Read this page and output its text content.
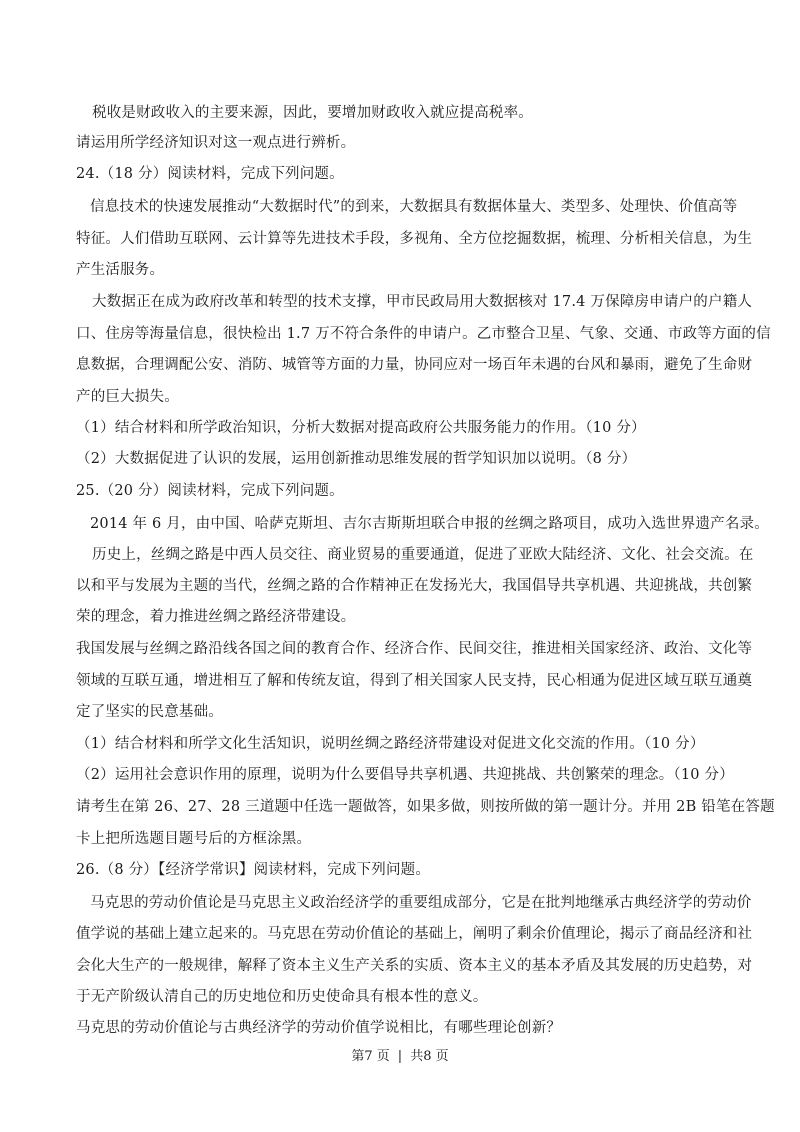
税收是财政收入的主要来源，因此，要增加财政收入就应提高税率。
请运用所学经济知识对这一观点进行辨析。
24.（18 分）阅读材料，完成下列问题。
信息技术的快速发展推动“大数据时代”的到来，大数据具有数据体量大、类型多、处理快、价值高等
特征。人们借助互联网、云计算等先进技术手段，多视角、全方位挖掘数据，梳理、分析相关信息，为生
产生活服务。
大数据正在成为政府改革和转型的技术支撑，甲市民政局用大数据核对 17.4 万保障房申请户的户籍人
口、住房等海量信息，很快检出 1.7 万不符合条件的申请户。乙市整合卫星、气象、交通、市政等方面的信
息数据，合理调配公安、消防、城管等方面的力量，协同应对一场百年未遇的台风和暴雨，避免了生命财
产的巨大损失。
（1）结合材料和所学政治知识，分析大数据对提高政府公共服务能力的作用。（10 分）
（2）大数据促进了认识的发展，运用创新推动思维发展的哲学知识加以说明。（8 分）
25.（20 分）阅读材料，完成下列问题。
2014 年 6 月，由中国、哈萨克斯坦、吉尔吉斯斯坦联合申报的丝绸之路项目，成功入选世界遗产名录。
历史上，丝绸之路是中西人员交往、商业贸易的重要通道，促进了亚欧大陆经济、文化、社会交流。在
以和平与发展为主题的当代，丝绸之路的合作精神正在发扬光大，我国倡导共享机遇、共迎挑战，共创繁
荣的理念，着力推进丝绸之路经济带建设。
我国发展与丝绸之路沿线各国之间的教育合作、经济合作、民间交往，推进相关国家经济、政治、文化等
领域的互联互通，增进相互了解和传统友谊，得到了相关国家人民支持，民心相通为促进区域互联互通奠
定了坚实的民意基础。
（1）结合材料和所学文化生活知识，说明丝绸之路经济带建设对促进文化交流的作用。（10 分）
（2）运用社会意识作用的原理，说明为什么要倡导共享机遇、共迎挑战、共创繁荣的理念。（10 分）
请考生在第 26、27、28 三道题中任选一题做答，如果多做，则按所做的第一题计分。并用 2B 铅笔在答题
卡上把所选题目题号后的方框涂黑。
26.（8 分）【经济学常识】阅读材料，完成下列问题。
马克思的劳动价值论是马克思主义政治经济学的重要组成部分，它是在批判地继承古典经济学的劳动价
值学说的基础上建立起来的。马克思在劳动价值论的基础上，阐明了剩余价值理论，揭示了商品经济和社
会化大生产的一般规律，解释了资本主义生产关系的实质、资本主义的基本矛盾及其发展的历史趋势，对
于无产阶级认清自己的历史地位和历史使命具有根本性的意义。
马克思的劳动价值论与古典经济学的劳动价值学说相比，有哪些理论创新？
第7 页 | 共8 页
